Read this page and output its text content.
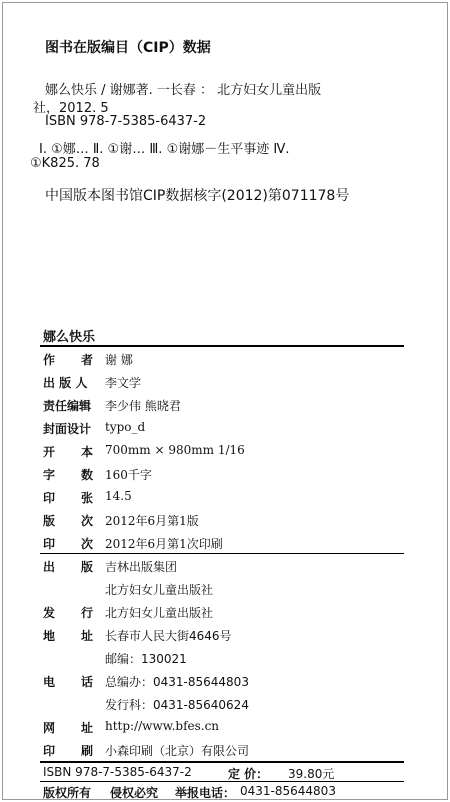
图书在版编目（CIP）数据
娜么快乐 / 谢娜著. 一长春 ： 北方妇女儿童出版
社，2012. 5
ISBN 978-7-5385-6437-2
Ⅰ. ①娜… Ⅱ. ①谢… Ⅲ. ①谢娜－生平事迹 Ⅳ.
①K825. 78
中国版本图书馆CIP数据核字(2012)第071178号
娜么快乐
作 者 谢 娜
出 版 人 李文学
责任编辑 李少伟 熊晓君
封面设计 typo_d
开 本 700mm × 980mm 1/16
字 数 160千字
印 张 14.5
版 次 2012年6月第1版
印 次 2012年6月第1次印刷
出 版 吉林出版集团
北方妇女儿童出版社
发 行 北方妇女儿童出版社
地 址 长春市人民大街4646号
邮编：130021
电 话 总编办：0431-85644803
发行科：0431-85640624
网 址 http://www.bfes.cn
印 刷 小森印刷（北京）有限公司
ISBN 978-7-5385-6437-2	定 价： 39.80元
版权所有 侵权必究 举报电话： 0431-85644803
